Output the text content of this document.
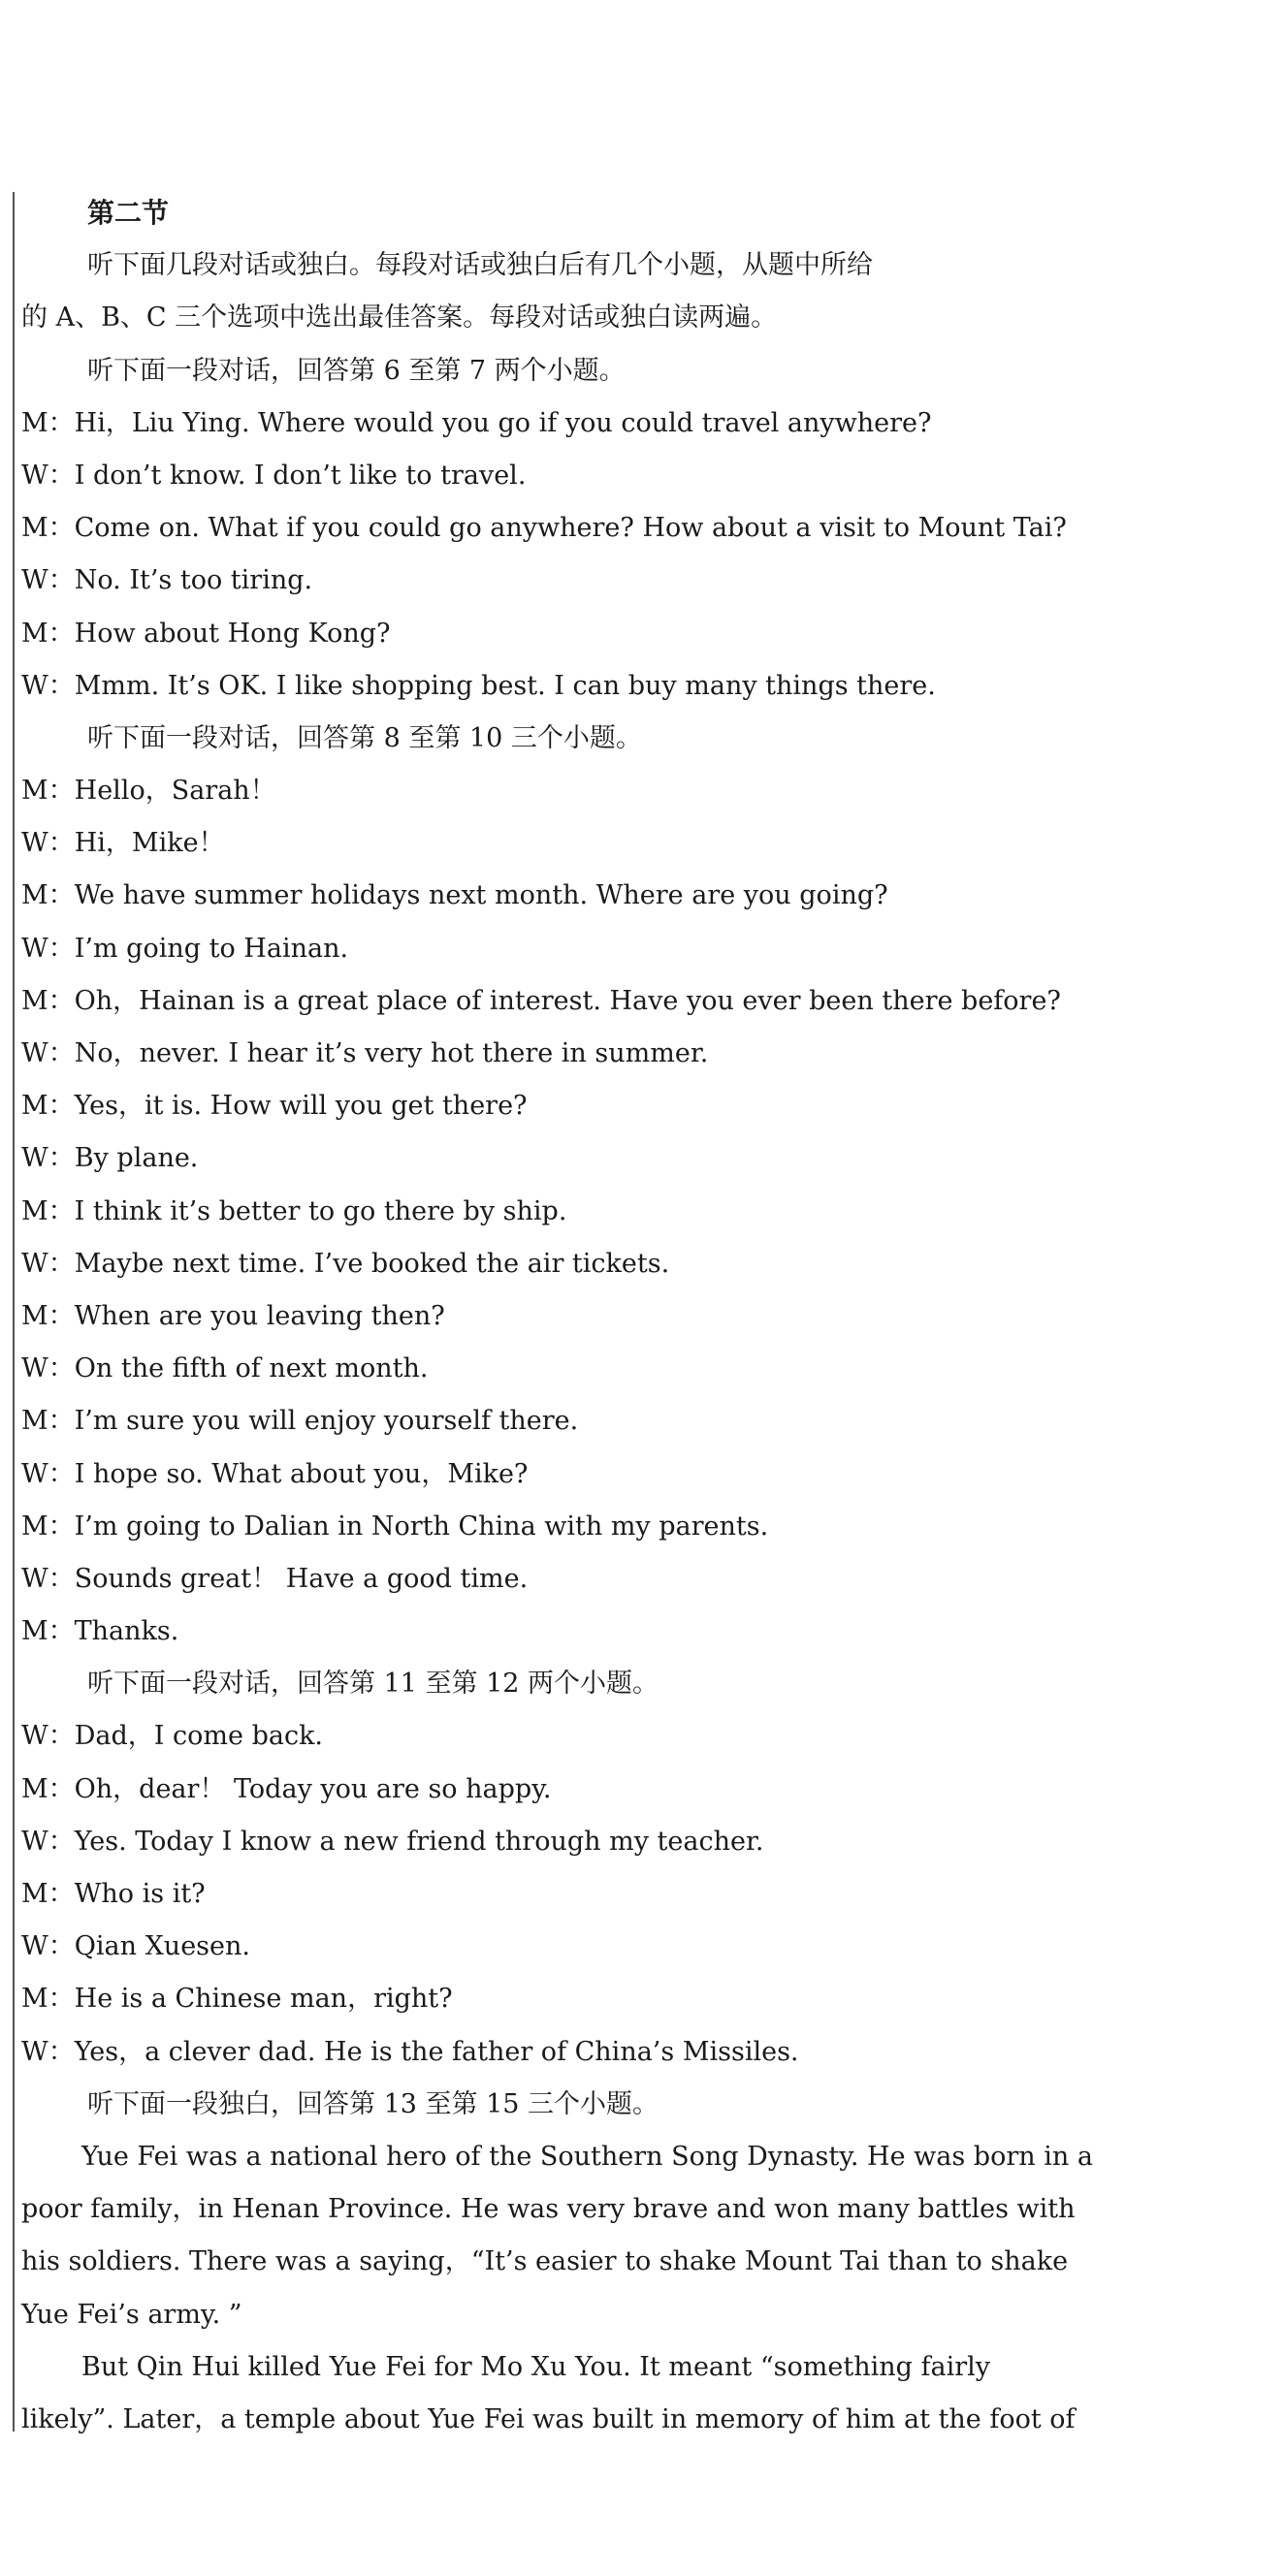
第二节
听下面几段对话或独白。每段对话或独白后有几个小题，从题中所给
的 A、B、C 三个选项中选出最佳答案。每段对话或独白读两遍。
听下面一段对话，回答第 6 至第 7 两个小题。
M：Hi，Liu Ying. Where would you go if you could travel anywhere?
W：I don’t know. I don’t like to travel.
M：Come on. What if you could go anywhere? How about a visit to Mount Tai?
W：No. It’s too tiring.
M：How about Hong Kong?
W：Mmm. It’s OK. I like shopping best. I can buy many things there.
听下面一段对话，回答第 8 至第 10 三个小题。
M：Hello，Sarah！
W：Hi，Mike！
M：We have summer holidays next month. Where are you going?
W：I’m going to Hainan.
M：Oh，Hainan is a great place of interest. Have you ever been there before?
W：No，never. I hear it’s very hot there in summer.
M：Yes，it is. How will you get there?
W：By plane.
M：I think it’s better to go there by ship.
W：Maybe next time. I’ve booked the air tickets.
M：When are you leaving then?
W：On the fifth of next month.
M：I’m sure you will enjoy yourself there.
W：I hope so. What about you，Mike?
M：I’m going to Dalian in North China with my parents.
W：Sounds great！ Have a good time.
M：Thanks.
听下面一段对话，回答第 11 至第 12 两个小题。
W：Dad，I come back.
M：Oh，dear！ Today you are so happy.
W：Yes. Today I know a new friend through my teacher.
M：Who is it?
W：Qian Xuesen.
M：He is a Chinese man，right?
W：Yes，a clever dad. He is the father of China’s Missiles.
听下面一段独白，回答第 13 至第 15 三个小题。
Yue Fei was a national hero of the Southern Song Dynasty. He was born in a
poor family，in Henan Province. He was very brave and won many battles with
his soldiers. There was a saying，“It’s easier to shake Mount Tai than to shake
Yue Fei’s army. ”
But Qin Hui killed Yue Fei for Mo Xu You. It meant “something fairly
likely”. Later，a temple about Yue Fei was built in memory of him at the foot of
